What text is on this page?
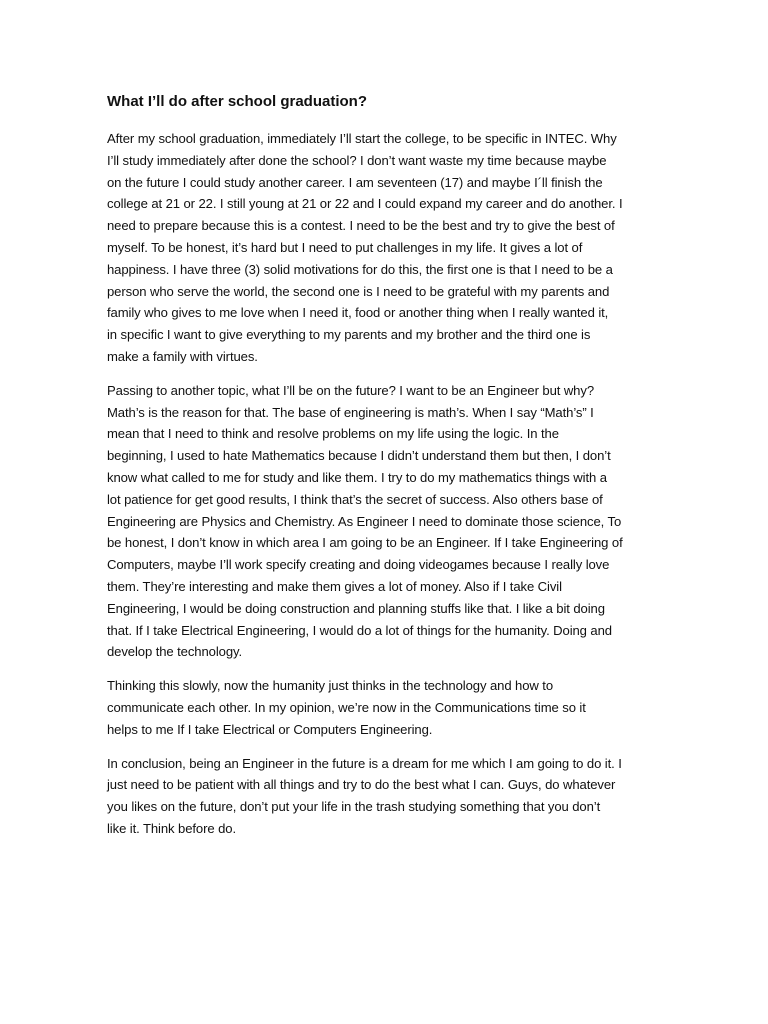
What I’ll do after school graduation?

After my school graduation, immediately I’ll start the college, to be specific in INTEC. Why
I’ll study immediately after done the school? I don’t want waste my time because maybe
on the future I could study another career. I am seventeen (17) and maybe I´ll finish the
college at 21 or 22. I still young at 21 or 22 and I could expand my career and do another. I
need to prepare because this is a contest. I need to be the best and try to give the best of
myself. To be honest, it’s hard but I need to put challenges in my life. It gives a lot of
happiness. I have three (3) solid motivations for do this, the first one is that I need to be a
person who serve the world, the second one is I need to be grateful with my parents and
family who gives to me love when I need it, food or another thing when I really wanted it,
in specific I want to give everything to my parents and my brother and the third one is
make a family with virtues.

Passing to another topic, what I’ll be on the future? I want to be an Engineer but why?
Math’s is the reason for that. The base of engineering is math’s. When I say “Math’s” I
mean that I need to think and resolve problems on my life using the logic. In the
beginning, I used to hate Mathematics because I didn’t understand them but then, I don’t
know what called to me for study and like them. I try to do my mathematics things with a
lot patience for get good results, I think that’s the secret of success. Also others base of
Engineering are Physics and Chemistry. As Engineer I need to dominate those science, To
be honest, I don’t know in which area I am going to be an Engineer. If I take Engineering of
Computers, maybe I’ll work specify creating and doing videogames because I really love
them. They’re interesting and make them gives a lot of money. Also if I take Civil
Engineering, I would be doing construction and planning stuffs like that. I like a bit doing
that. If I take Electrical Engineering, I would do a lot of things for the humanity. Doing and
develop the technology.

Thinking this slowly, now the humanity just thinks in the technology and how to
communicate each other. In my opinion, we’re now in the Communications time so it
helps to me If I take Electrical or Computers Engineering.

In conclusion, being an Engineer in the future is a dream for me which I am going to do it. I
just need to be patient with all things and try to do the best what I can. Guys, do whatever
you likes on the future, don’t put your life in the trash studying something that you don’t
like it. Think before do.
